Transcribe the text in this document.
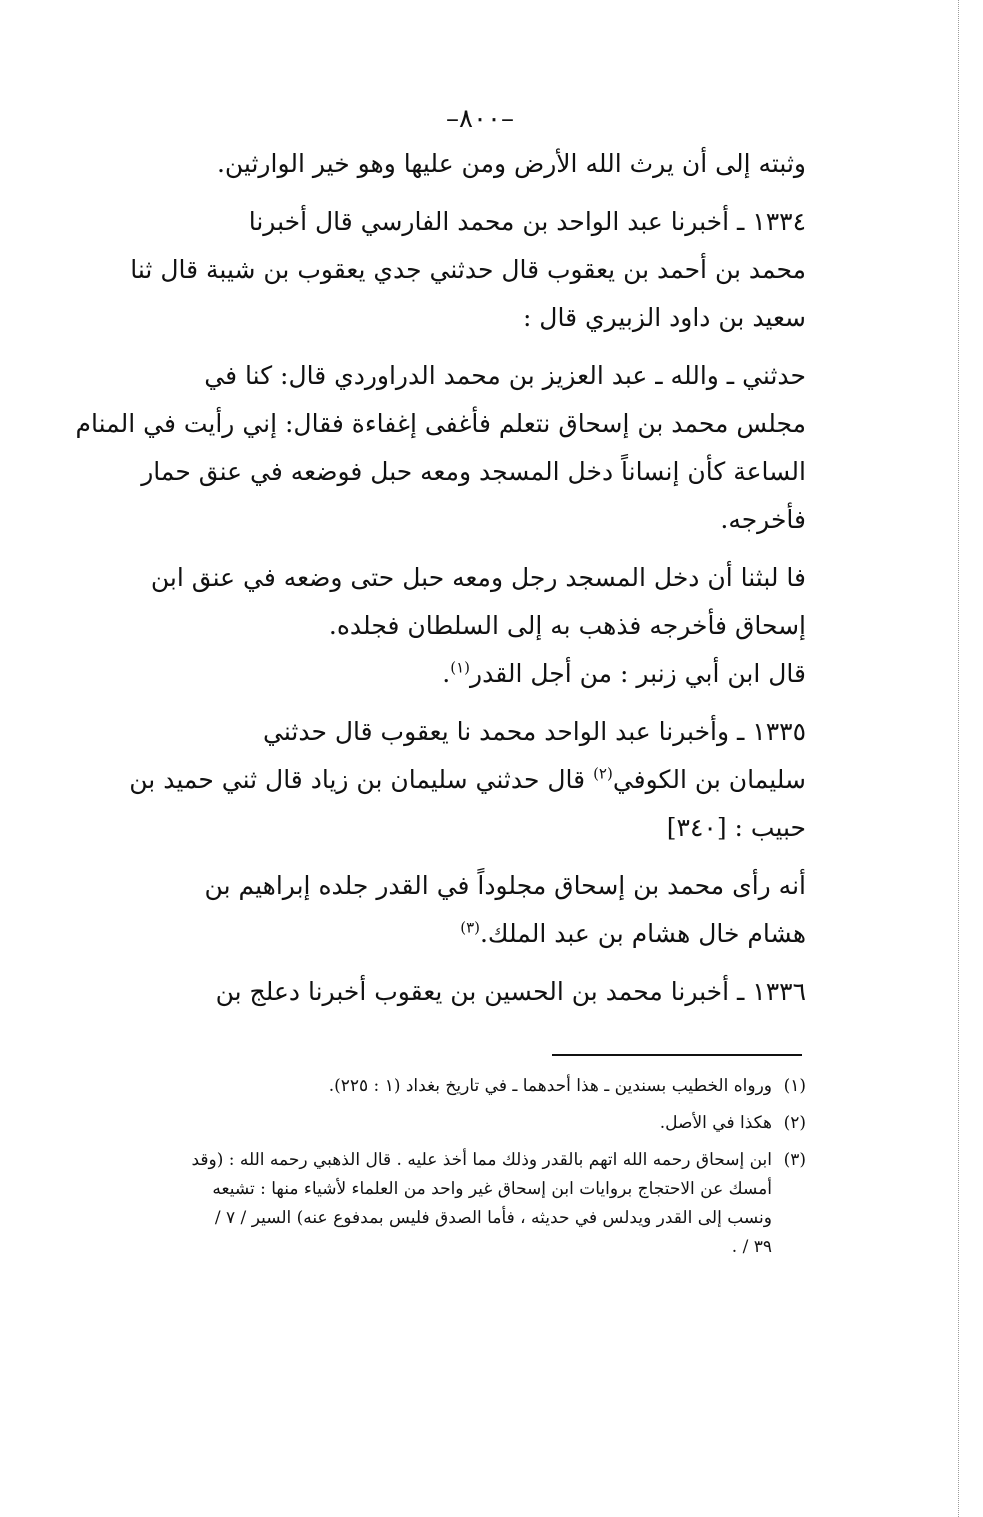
–٨٠٠–
وثبته إلى أن يرث الله الأرض ومن عليها وهو خير الوارثين.
١٣٣٤ ـ أخبرنا عبد الواحد بن محمد الفارسي قال أخبرنا
محمد بن أحمد بن يعقوب قال حدثني جدي يعقوب بن شيبة قال ثنا
سعيد بن داود الزبيري قال :
حدثني ـ والله ـ عبد العزيز بن محمد الدراوردي قال: كنا في
مجلس محمد بن إسحاق نتعلم فأغفى إغفاءة فقال: إني رأيت في المنام
الساعة كأن إنساناً دخل المسجد ومعه حبل فوضعه في عنق حمار
فأخرجه.
فا لبثنا أن دخل المسجد رجل ومعه حبل حتى وضعه في عنق ابن
إسحاق فأخرجه فذهب به إلى السلطان فجلده.
قال ابن أبي زنبر : من أجل القدر$^{(١)}$.
١٣٣٥ ـ وأخبرنا عبد الواحد محمد نا يعقوب قال حدثني
سليمان بن الكوفي$^{(٢)}$ قال حدثني سليمان بن زياد قال ثني حميد بن
حبيب : [٣٤٠]
أنه رأى محمد بن إسحاق مجلوداً في القدر جلده إبراهيم بن
هشام خال هشام بن عبد الملك.$^{(٣)}$
١٣٣٦ ـ أخبرنا محمد بن الحسين بن يعقوب أخبرنا دعلج بن
(١)
ورواه الخطيب بسندين ـ هذا أحدهما ـ في تاريخ بغداد (١ : ٢٢٥).
(٢)
هكذا في الأصل.
(٣)
ابن إسحاق رحمه الله اتهم بالقدر وذلك مما أخذ عليه . قال الذهبي رحمه الله : (وقد
أمسك عن الاحتجاج بروايات ابن إسحاق غير واحد من العلماء لأشياء منها : تشيعه
ونسب إلى القدر ويدلس في حديثه ، فأما الصدق فليس بمدفوع عنه) السير / ٧ /
٣٩ / .
